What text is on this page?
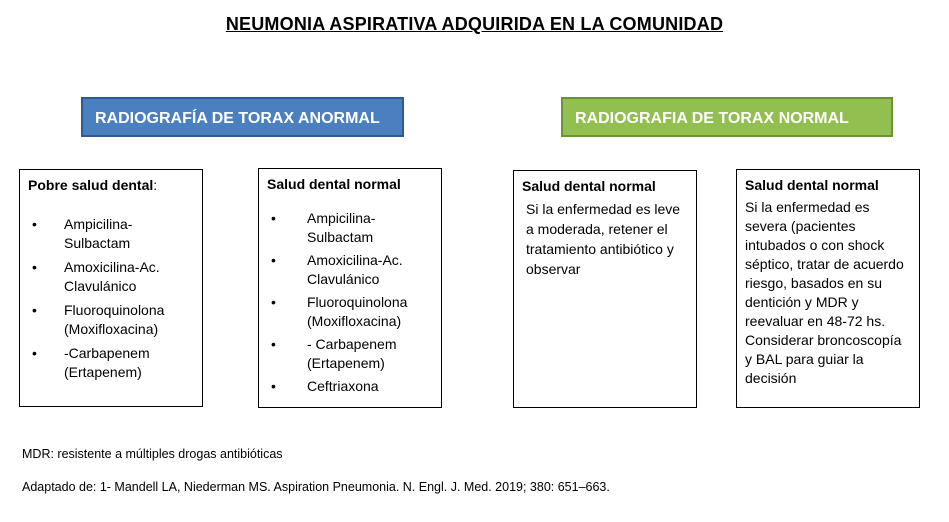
NEUMONIA ASPIRATIVA ADQUIRIDA EN LA COMUNIDAD
RADIOGRAFÍA DE TORAX ANORMAL	RADIOGRAFIA DE TORAX NORMAL
Pobre salud dental:
• Ampicilina-Sulbactam
• Amoxicilina-Ac. Clavulánico
• Fluoroquinolona (Moxifloxacina)
• -Carbapenem (Ertapenem)
Salud dental normal
• Ampicilina-Sulbactam
• Amoxicilina-Ac. Clavulánico
• Fluoroquinolona (Moxifloxacina)
• - Carbapenem (Ertapenem)
• Ceftriaxona
Salud dental normal
Si la enfermedad es leve a moderada, retener el tratamiento antibiótico y observar
Salud dental normal
Si la enfermedad es severa (pacientes intubados o con shock séptico, tratar de acuerdo riesgo, basados en su dentición y MDR y reevaluar en 48-72 hs. Considerar broncoscopía y BAL para guiar la decisión
MDR: resistente a múltiples drogas antibióticas
Adaptado de: 1- Mandell LA, Niederman MS. Aspiration Pneumonia. N. Engl. J. Med. 2019; 380: 651–663.
